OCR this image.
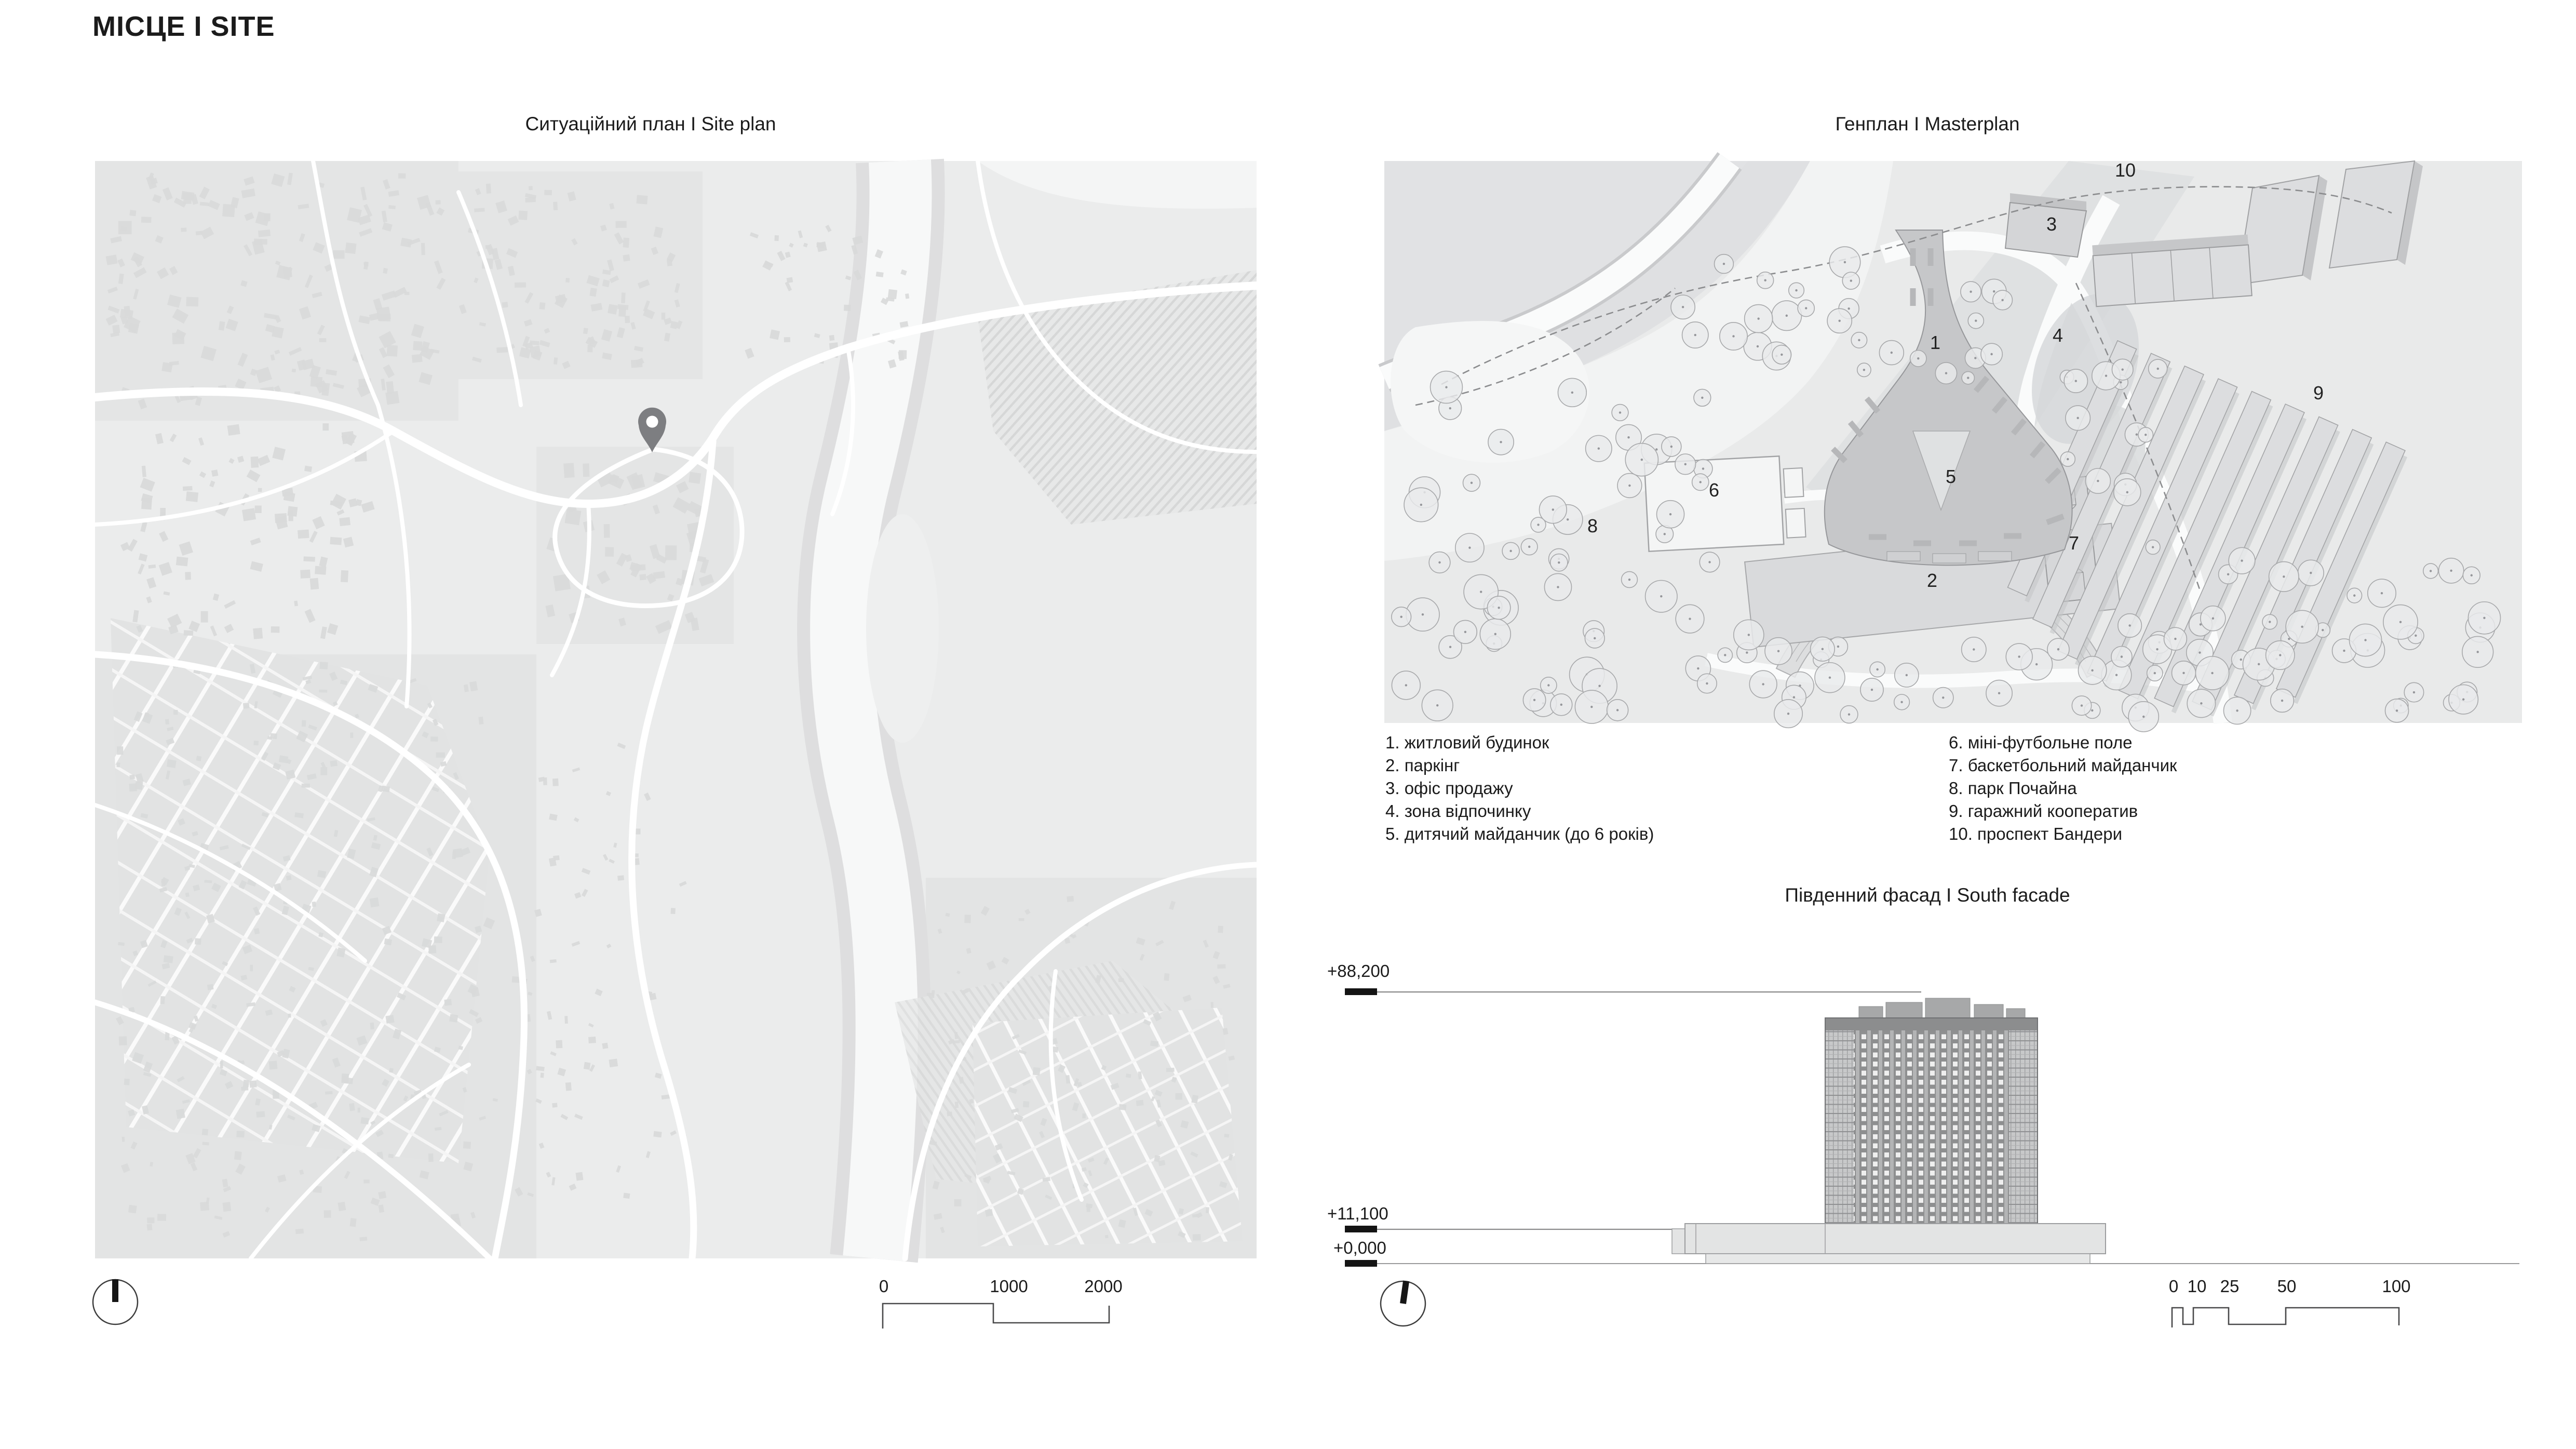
МІСЦЕ І SITE
Ситуаційний план І Site plan	Генплан І Masterplan
Південний фасад І South facade
1. житловий будинок
2. паркінг
3. офіс продажу
4. зона відпочинку
5. дитячий майданчик (до 6 років)
6. міні-футбольне поле
7. баскетбольний майданчик
8. парк Почайна
9. гаражний кооператив
10. проспект Бандери
1
2
3
4
5
6
7
8
9
10
+88,200
+11,100
+0,000
0	1000	2000	0 10 25 50	100
